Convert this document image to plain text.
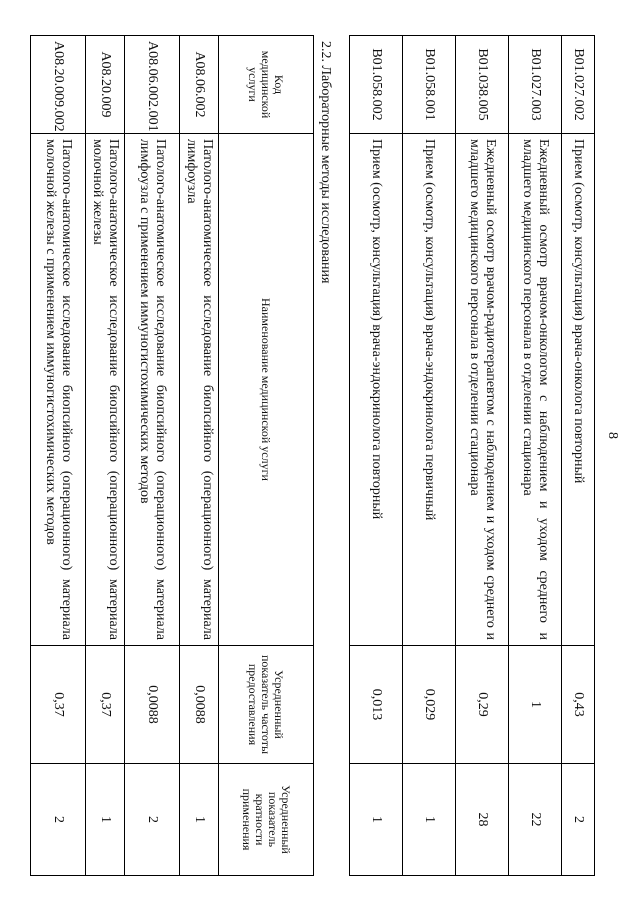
8
B01.027.002	Прием (осмотр, консультация) врача-онколога повторный	0,43	2
B01.027.003	Ежедневный осмотр врачом-онкологом с наблюдением и уходом среднего и младшего медицинского персонала в отделении стационара	1	22
B01.038.005	Ежедневный осмотр врачом-радиотерапевтом с наблюдением и уходом среднего и младшего медицинского персонала в отделении стационара	0,29	28
B01.058.001	Прием (осмотр, консультация) врача-эндокринолога первичный	0,029	1
B01.058.002	Прием (осмотр, консультация) врача-эндокринолога повторный	0,013	1
2.2. Лабораторные методы исследования
Код медицинской услуги	Наименование медицинской услуги	Усредненный показатель частоты предоставления	Усредненный показатель кратности применения
A08.06.002	Патолого-анатомическое исследование биопсийного (операционного) материала лимфоузла	0,0088	1
A08.06.002.001	Патолого-анатомическое исследование биопсийного (операционного) материала лимфоузла с применением иммуногистохимических методов	0,0088	2
A08.20.009	Патолого-анатомическое исследование биопсийного (операционного) материала молочной железы	0,37	1
A08.20.009.002	Патолого-анатомическое исследование биопсийного (операционного) материала молочной железы с применением иммуногистохимических методов	0,37	2
